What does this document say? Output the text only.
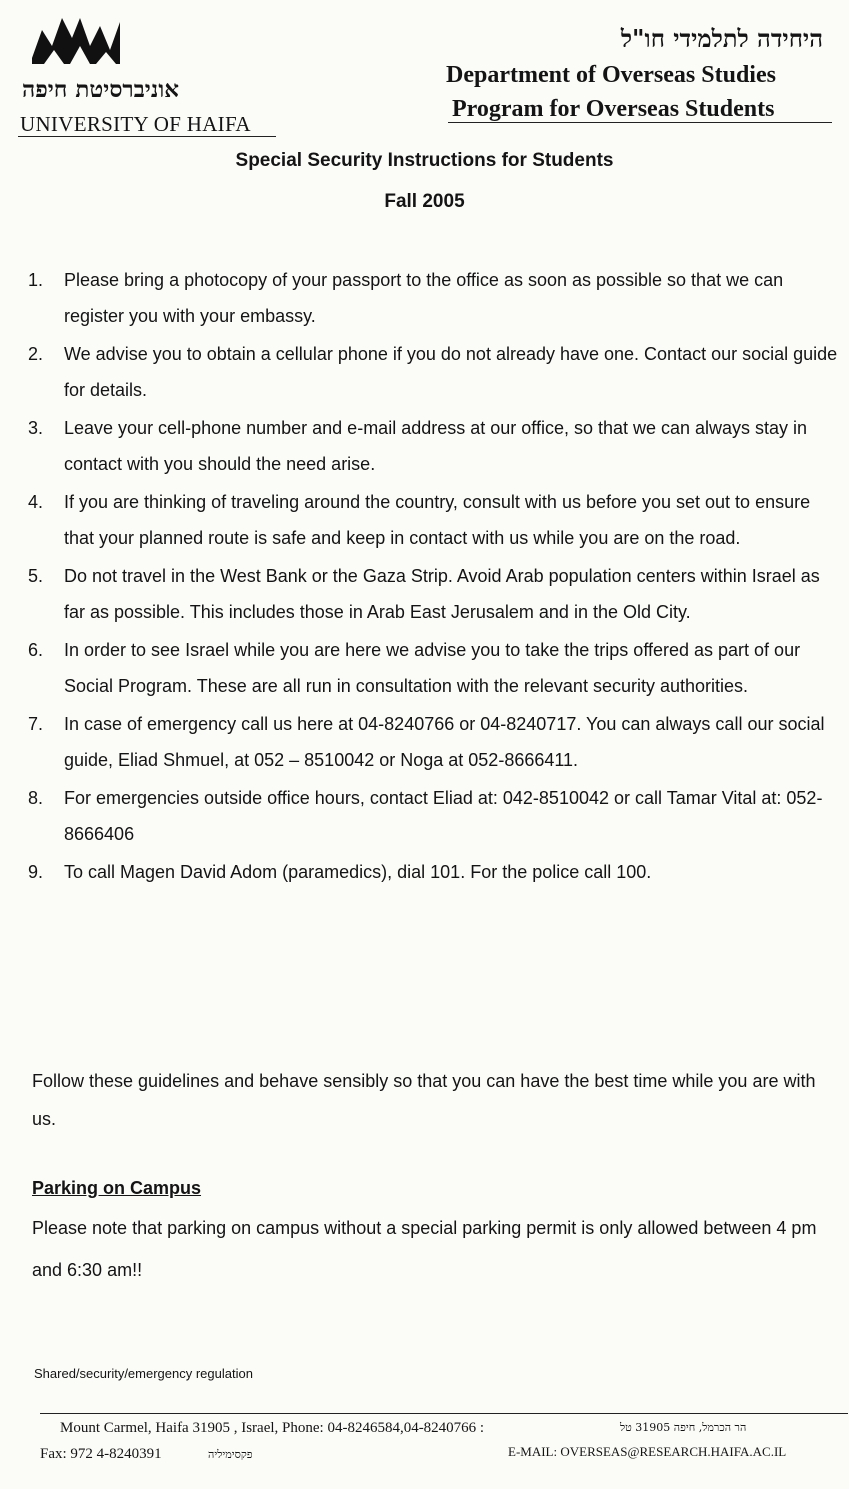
אוניברסיטת חיפה
UNIVERSITY OF HAIFA
היחידה לתלמידי חו"ל
Department of Overseas Studies
Program for Overseas Students
Special Security Instructions for Students
Fall 2005
1. Please bring a photocopy of your passport to the office as soon as possible so that we can register you with your embassy.
2. We advise you to obtain a cellular phone if you do not already have one. Contact our social guide for details.
3. Leave your cell-phone number and e-mail address at our office, so that we can always stay in contact with you should the need arise.
4. If you are thinking of traveling around the country, consult with us before you set out to ensure that your planned route is safe and keep in contact with us while you are on the road.
5. Do not travel in the West Bank or the Gaza Strip. Avoid Arab population centers within Israel as far as possible. This includes those in Arab East Jerusalem and in the Old City.
6. In order to see Israel while you are here we advise you to take the trips offered as part of our Social Program. These are all run in consultation with the relevant security authorities.
7. In case of emergency call us here at 04-8240766 or 04-8240717. You can always call our social guide, Eliad Shmuel, at 052 – 8510042 or Noga at 052-8666411.
8. For emergencies outside office hours, contact Eliad at: 042-8510042 or call Tamar Vital at: 052-8666406
9. To call Magen David Adom (paramedics), dial 101. For the police call 100.
Follow these guidelines and behave sensibly so that you can have the best time while you are with us.
Parking on Campus
Please note that parking on campus without a special parking permit is only allowed between 4 pm and 6:30 am!!
Shared/security/emergency regulation
Mount Carmel, Haifa 31905 , Israel, Phone: 04-8246584,04-8240766 :	הר הכרמל, חיפה 31905 טל
Fax: 972 4-8240391	פקסימיליה	E-MAIL: OVERSEAS@RESEARCH.HAIFA.AC.IL
